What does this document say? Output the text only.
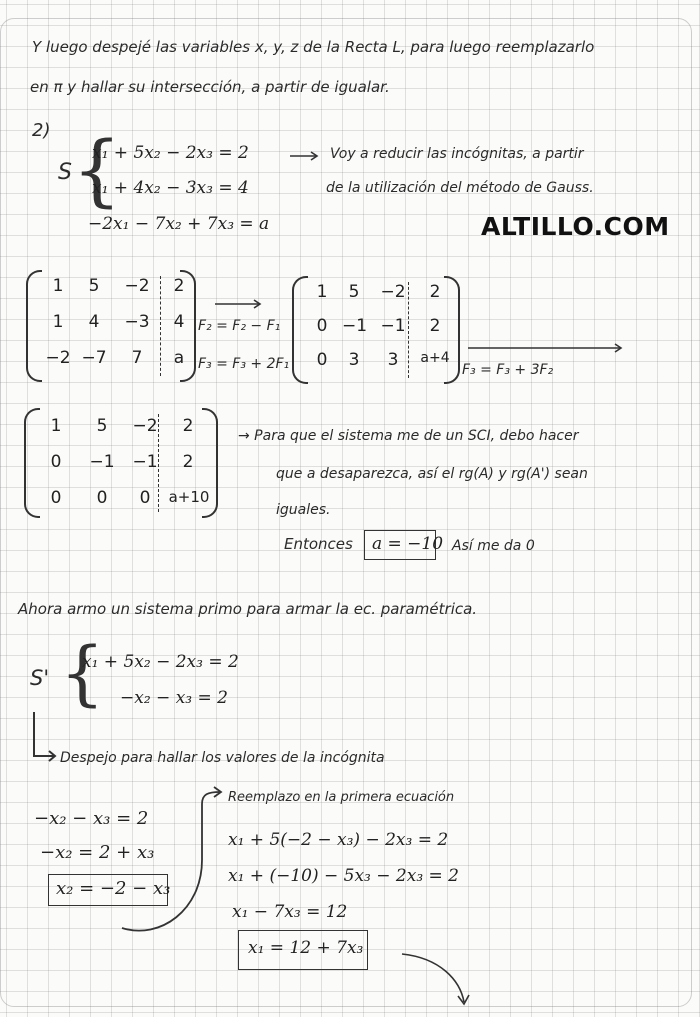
Y luego despejé las variables x, y, z de la Recta L, para luego reemplazarlo
en π y hallar su intersección, a partir de igualar.
2)
S {
x₁ + 5x₂ − 2x₃ = 2
x₁ + 4x₂ − 3x₃ = 4
−2x₁ − 7x₂ + 7x₃ = a
Voy a reducir las incógnitas, a partir
de la utilización del método de Gauss.
ALTILLO.COM
1	5	−2	2
1	4	−3	4
−2 −7	7	a
F₂ = F₂ − F₁
F₃ = F₃ + 2F₁
1	5	−2	2
0 −1 −1	2
0	3	3	a+4
F₃ = F₃ + 3F₂
1	5	−2	2
0	−1 −1	2
0	0	0	a+10
→ Para que el sistema me de un SCI, debo hacer
que a desaparezca, así el rg(A) y rg(A') sean
iguales.
Entonces a = −10 Así me da 0
Ahora armo un sistema primo para armar la ec. paramétrica.
S' {
x₁ + 5x₂ − 2x₃ = 2
−x₂ − x₃ = 2
Despejo para hallar los valores de la incógnita
−x₂ − x₃ = 2
−x₂ = 2 + x₃
x₂ = −2 − x₃
Reemplazo en la primera ecuación
x₁ + 5(−2 − x₃) − 2x₃ = 2
x₁ + (−10) − 5x₃ − 2x₃ = 2
x₁ − 7x₃ = 12
x₁ = 12 + 7x₃
